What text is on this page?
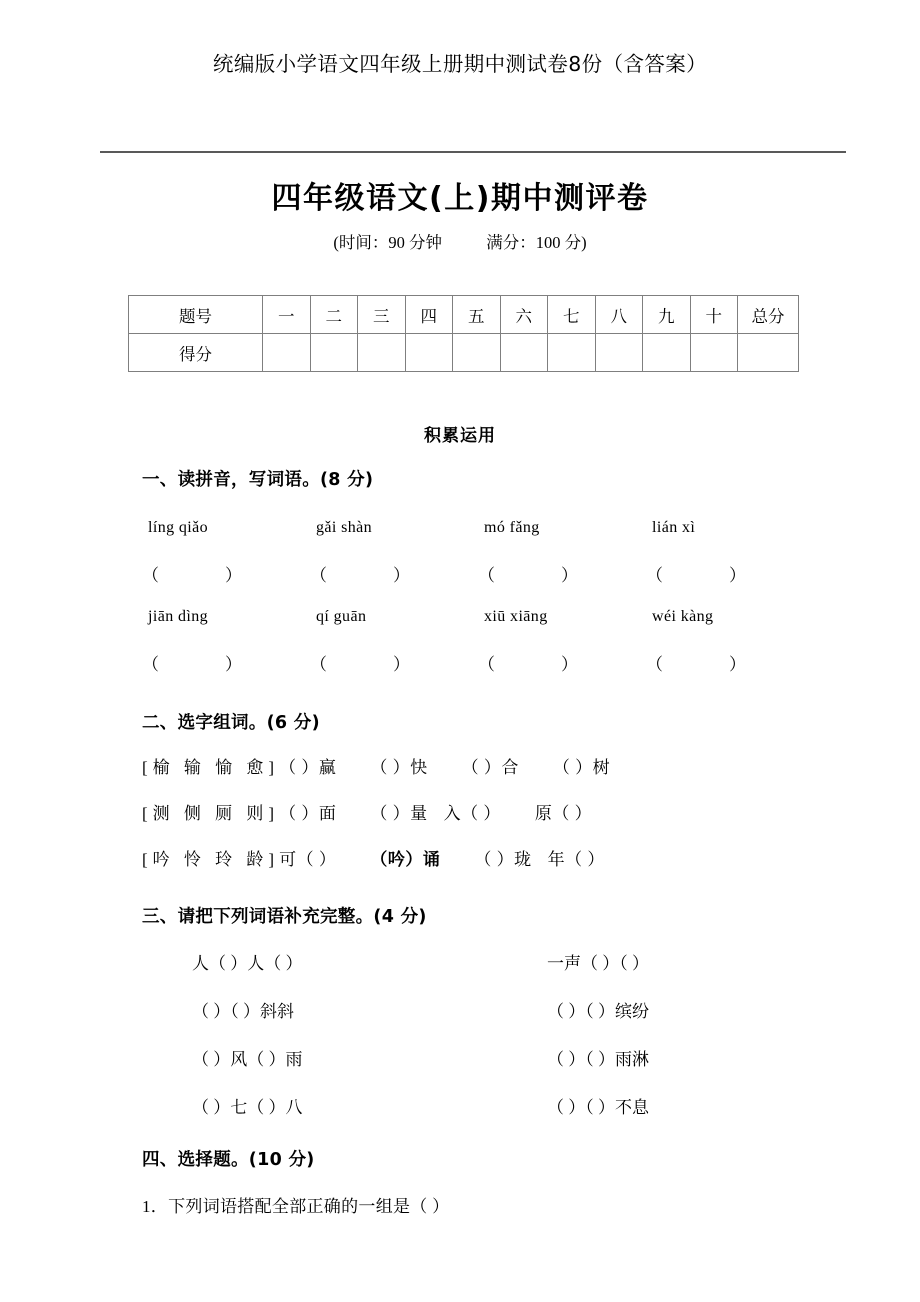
统编版小学语文四年级上册期中测试卷8份（含答案）
四年级语文(上)期中测评卷
(时间：90 分钟	满分：100 分)
题号	一	二	三	四	五	六	七	八	九	十	总分
得分											
积累运用
一、读拼音，写词语。(8 分)
líng qiǎo	gǎi shàn	mó fǎng	lián xì
（	）	（	）	（	）	（	）
jiān dìng	qí guān	xiū xiāng	wéi kàng
（	）	（	）	（	）	（	）
二、选字组词。(6 分)
[榆 输 愉 愈]（ ）赢 （ ）快 （ ）合 （ ）树
[测 侧 厕 则]（ ）面 （ ）量 入（ ） 原（ ）
[吟 怜 玲 龄]可（ ） （吟）诵 （ ）珑 年（ ）
三、请把下列词语补充完整。(4 分)
人（ ）人（ ）	一声（ ）（ ）
（ ）（ ）斜斜	（ ）（ ）缤纷
（ ）风（ ）雨	（ ）（ ）雨淋
（ ）七（ ）八	（ ）（ ）不息
四、选择题。(10 分)
1．下列词语搭配全部正确的一组是（ ）
